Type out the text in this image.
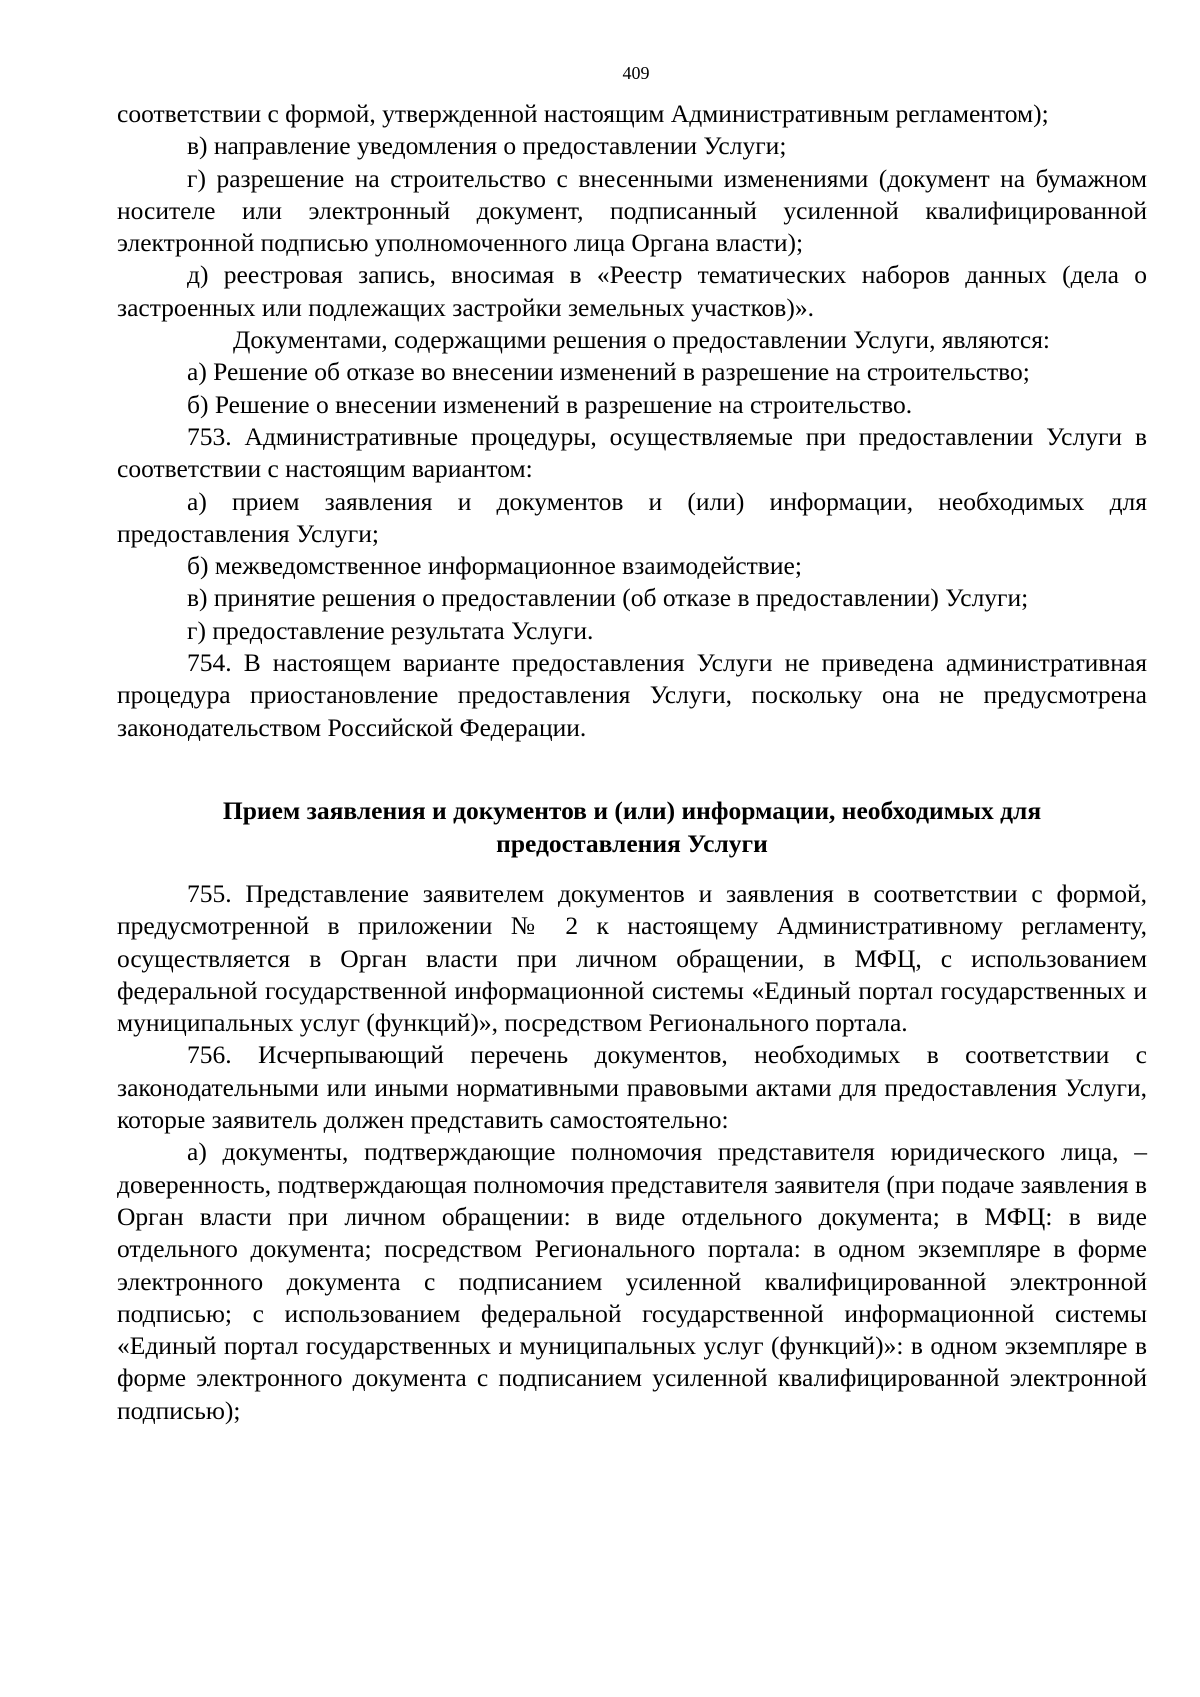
409

соответствии с формой, утвержденной настоящим Административным регламентом);

в) направление уведомления о предоставлении Услуги;

г) разрешение на строительство с внесенными изменениями (документ на бумажном носителе или электронный документ, подписанный усиленной квалифицированной электронной подписью уполномоченного лица Органа власти);

д) реестровая запись, вносимая в «Реестр тематических наборов данных (дела о застроенных или подлежащих застройки земельных участков)».

Документами, содержащими решения о предоставлении Услуги, являются:

а) Решение об отказе во внесении изменений в разрешение на строительство;

б) Решение о внесении изменений в разрешение на строительство.

753. Административные процедуры, осуществляемые при предоставлении Услуги в соответствии с настоящим вариантом:

а) прием заявления и документов и (или) информации, необходимых для предоставления Услуги;

б) межведомственное информационное взаимодействие;

в) принятие решения о предоставлении (об отказе в предоставлении) Услуги;

г) предоставление результата Услуги.

754. В настоящем варианте предоставления Услуги не приведена административная процедура приостановление предоставления Услуги, поскольку она не предусмотрена законодательством Российской Федерации.

Прием заявления и документов и (или) информации, необходимых для
предоставления Услуги

755. Представление заявителем документов и заявления в соответствии с формой, предусмотренной в приложении № 2 к настоящему Административному регламенту, осуществляется в Орган власти при личном обращении, в МФЦ, с использованием федеральной государственной информационной системы «Единый портал государственных и муниципальных услуг (функций)», посредством Регионального портала.

756. Исчерпывающий перечень документов, необходимых в соответствии с законодательными или иными нормативными правовыми актами для предоставления Услуги, которые заявитель должен представить самостоятельно:

а) документы, подтверждающие полномочия представителя юридического лица, – доверенность, подтверждающая полномочия представителя заявителя (при подаче заявления в Орган власти при личном обращении: в виде отдельного документа; в МФЦ: в виде отдельного документа; посредством Регионального портала: в одном экземпляре в форме электронного документа с подписанием усиленной квалифицированной электронной подписью; с использованием федеральной государственной информационной системы «Единый портал государственных и муниципальных услуг (функций)»: в одном экземпляре в форме электронного документа с подписанием усиленной квалифицированной электронной подписью);
